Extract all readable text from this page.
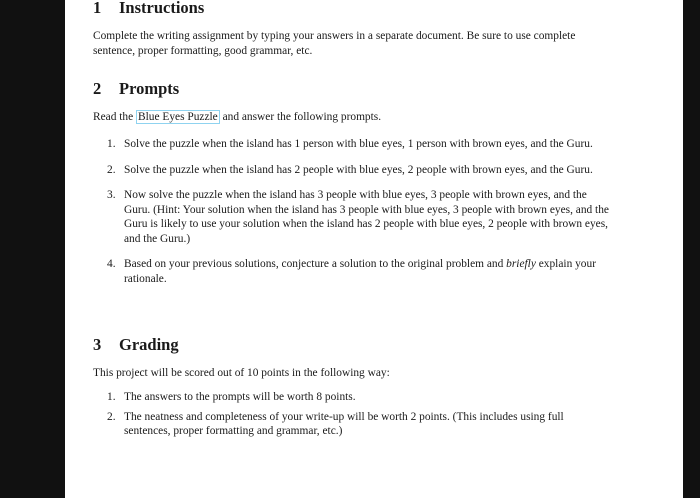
1 Instructions

Complete the writing assignment by typing your answers in a separate document. Be sure to use complete sentence, proper formatting, good grammar, etc.

2 Prompts

Read the Blue Eyes Puzzle and answer the following prompts.

1. Solve the puzzle when the island has 1 person with blue eyes, 1 person with brown eyes, and the Guru.
2. Solve the puzzle when the island has 2 people with blue eyes, 2 people with brown eyes, and the Guru.
3. Now solve the puzzle when the island has 3 people with blue eyes, 3 people with brown eyes, and the Guru. (Hint: Your solution when the island has 3 people with blue eyes, 3 people with brown eyes, and the Guru is likely to use your solution when the island has 2 people with blue eyes, 2 people with brown eyes, and the Guru.)
4. Based on your previous solutions, conjecture a solution to the original problem and briefly explain your rationale.
3 Grading

This project will be scored out of 10 points in the following way:

1. The answers to the prompts will be worth 8 points.
2. The neatness and completeness of your write-up will be worth 2 points. (This includes using full sentences, proper formatting and grammar, etc.)
